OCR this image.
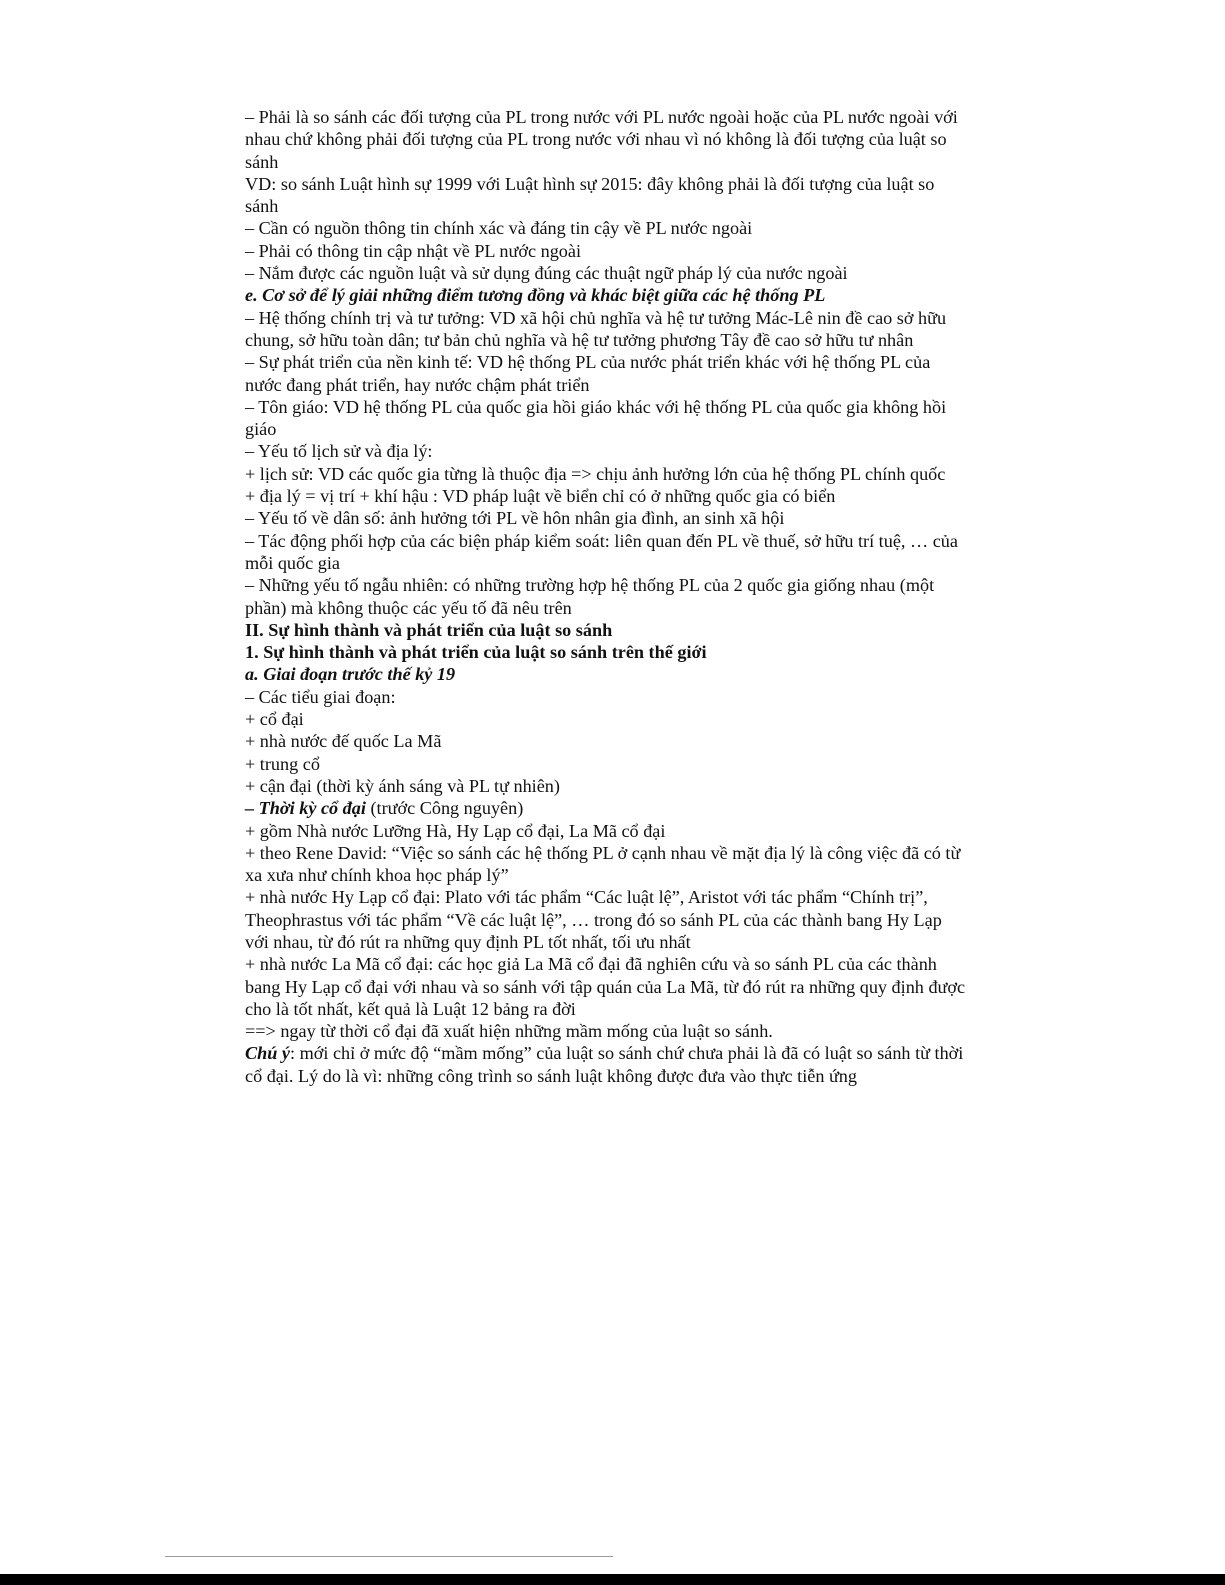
– Phải là so sánh các đối tượng của PL trong nước với PL nước ngoài hoặc của PL nước ngoài với nhau chứ không phải đối tượng của PL trong nước với nhau vì nó không là đối tượng của luật so sánh

VD: so sánh Luật hình sự 1999 với Luật hình sự 2015: đây không phải là đối tượng của luật so sánh

– Cần có nguồn thông tin chính xác và đáng tin cậy về PL nước ngoài

– Phải có thông tin cập nhật về PL nước ngoài

– Nắm được các nguồn luật và sử dụng đúng các thuật ngữ pháp lý của nước ngoài

e. Cơ sở để lý giải những điểm tương đồng và khác biệt giữa các hệ thống PL

– Hệ thống chính trị và tư tưởng: VD xã hội chủ nghĩa và hệ tư tưởng Mác-Lê nin đề cao sở hữu chung, sở hữu toàn dân; tư bản chủ nghĩa và hệ tư tưởng phương Tây đề cao sở hữu tư nhân

– Sự phát triển của nền kinh tế: VD hệ thống PL của nước phát triển khác với hệ thống PL của nước đang phát triển, hay nước chậm phát triển

– Tôn giáo: VD hệ thống PL của quốc gia hồi giáo khác với hệ thống PL của quốc gia không hồi giáo

– Yếu tố lịch sử và địa lý:

+ lịch sử: VD các quốc gia từng là thuộc địa => chịu ảnh hưởng lớn của hệ thống PL chính quốc

+ địa lý = vị trí + khí hậu : VD pháp luật về biển chỉ có ở những quốc gia có biển

– Yếu tố về dân số: ảnh hưởng tới PL về hôn nhân gia đình, an sinh xã hội

– Tác động phối hợp của các biện pháp kiểm soát: liên quan đến PL về thuế, sở hữu trí tuệ, … của mỗi quốc gia

– Những yếu tố ngẫu nhiên: có những trường hợp hệ thống PL của 2 quốc gia giống nhau (một phần) mà không thuộc các yếu tố đã nêu trên

II. Sự hình thành và phát triển của luật so sánh

1. Sự hình thành và phát triển của luật so sánh trên thế giới

a. Giai đoạn trước thế kỷ 19

– Các tiểu giai đoạn:

+ cổ đại

+ nhà nước đế quốc La Mã

+ trung cổ

+ cận đại (thời kỳ ánh sáng và PL tự nhiên)

– Thời kỳ cổ đại (trước Công nguyên)

+ gồm Nhà nước Lưỡng Hà, Hy Lạp cổ đại, La Mã cổ đại

+ theo Rene David: “Việc so sánh các hệ thống PL ở cạnh nhau về mặt địa lý là công việc đã có từ xa xưa như chính khoa học pháp lý”

+ nhà nước Hy Lạp cổ đại: Plato với tác phẩm “Các luật lệ”, Aristot với tác phẩm “Chính trị”, Theophrastus với tác phẩm “Về các luật lệ”, … trong đó so sánh PL của các thành bang Hy Lạp với nhau, từ đó rút ra những quy định PL tốt nhất, tối ưu nhất

+ nhà nước La Mã cổ đại: các học giả La Mã cổ đại đã nghiên cứu và so sánh PL của các thành bang Hy Lạp cổ đại với nhau và so sánh với tập quán của La Mã, từ đó rút ra những quy định được cho là tốt nhất, kết quả là Luật 12 bảng ra đời

==> ngay từ thời cổ đại đã xuất hiện những mầm mống của luật so sánh.

Chú ý: mới chỉ ở mức độ “mầm mống” của luật so sánh chứ chưa phải là đã có luật so sánh từ thời cổ đại. Lý do là vì: những công trình so sánh luật không được đưa vào thực tiễn ứng
